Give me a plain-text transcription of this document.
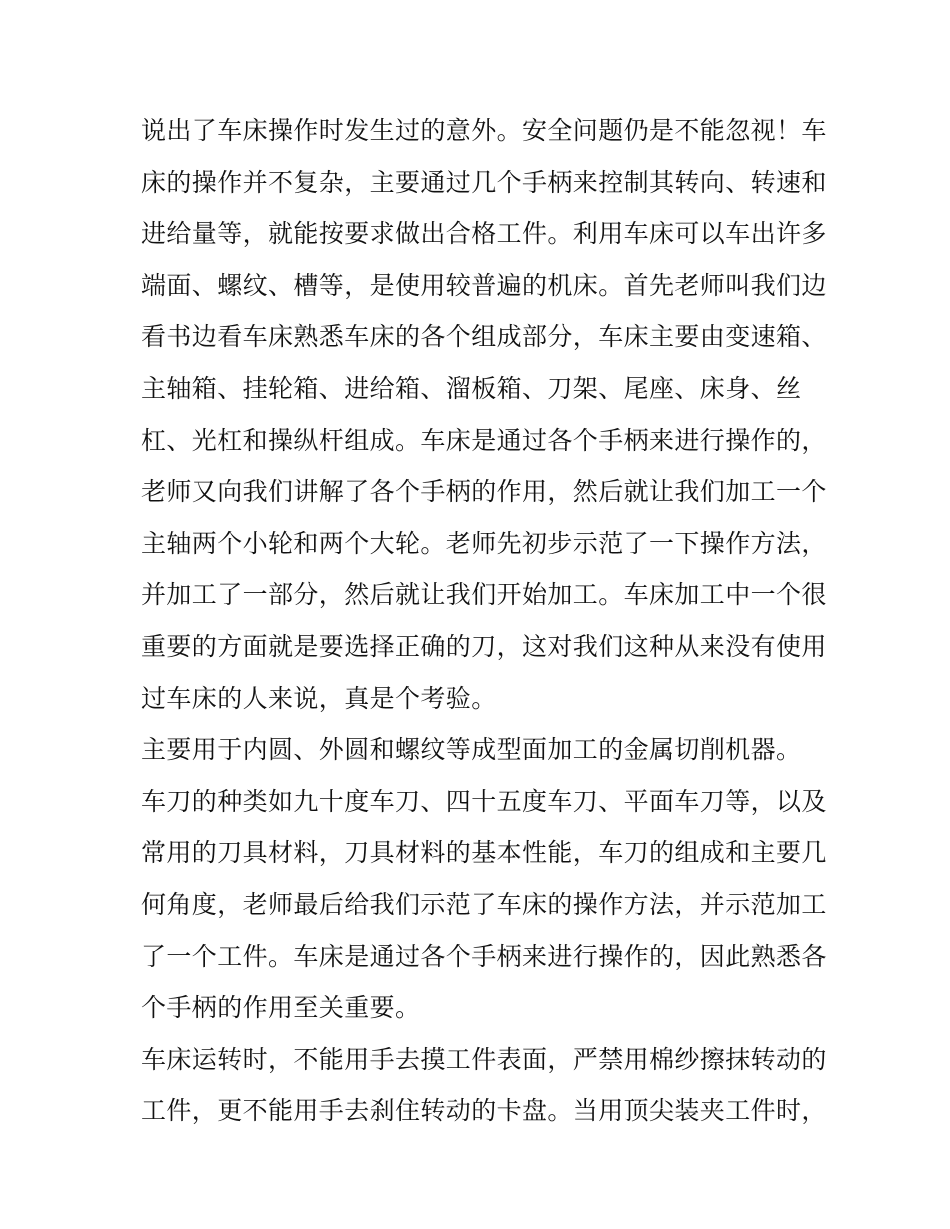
说出了车床操作时发生过的意外。安全问题仍是不能忽视！车
床的操作并不复杂，主要通过几个手柄来控制其转向、转速和
进给量等，就能按要求做出合格工件。利用车床可以车出许多
端面、螺纹、槽等，是使用较普遍的机床。首先老师叫我们边
看书边看车床熟悉车床的各个组成部分，车床主要由变速箱、
主轴箱、挂轮箱、进给箱、溜板箱、刀架、尾座、床身、丝
杠、光杠和操纵杆组成。车床是通过各个手柄来进行操作的，
老师又向我们讲解了各个手柄的作用，然后就让我们加工一个
主轴两个小轮和两个大轮。老师先初步示范了一下操作方法，
并加工了一部分，然后就让我们开始加工。车床加工中一个很
重要的方面就是要选择正确的刀，这对我们这种从来没有使用
过车床的人来说，真是个考验。
主要用于内圆、外圆和螺纹等成型面加工的金属切削机器。
车刀的种类如九十度车刀、四十五度车刀、平面车刀等，以及
常用的刀具材料，刀具材料的基本性能，车刀的组成和主要几
何角度，老师最后给我们示范了车床的操作方法，并示范加工
了一个工件。车床是通过各个手柄来进行操作的，因此熟悉各
个手柄的作用至关重要。
车床运转时，不能用手去摸工件表面，严禁用棉纱擦抹转动的
工件，更不能用手去刹住转动的卡盘。当用顶尖装夹工件时，
